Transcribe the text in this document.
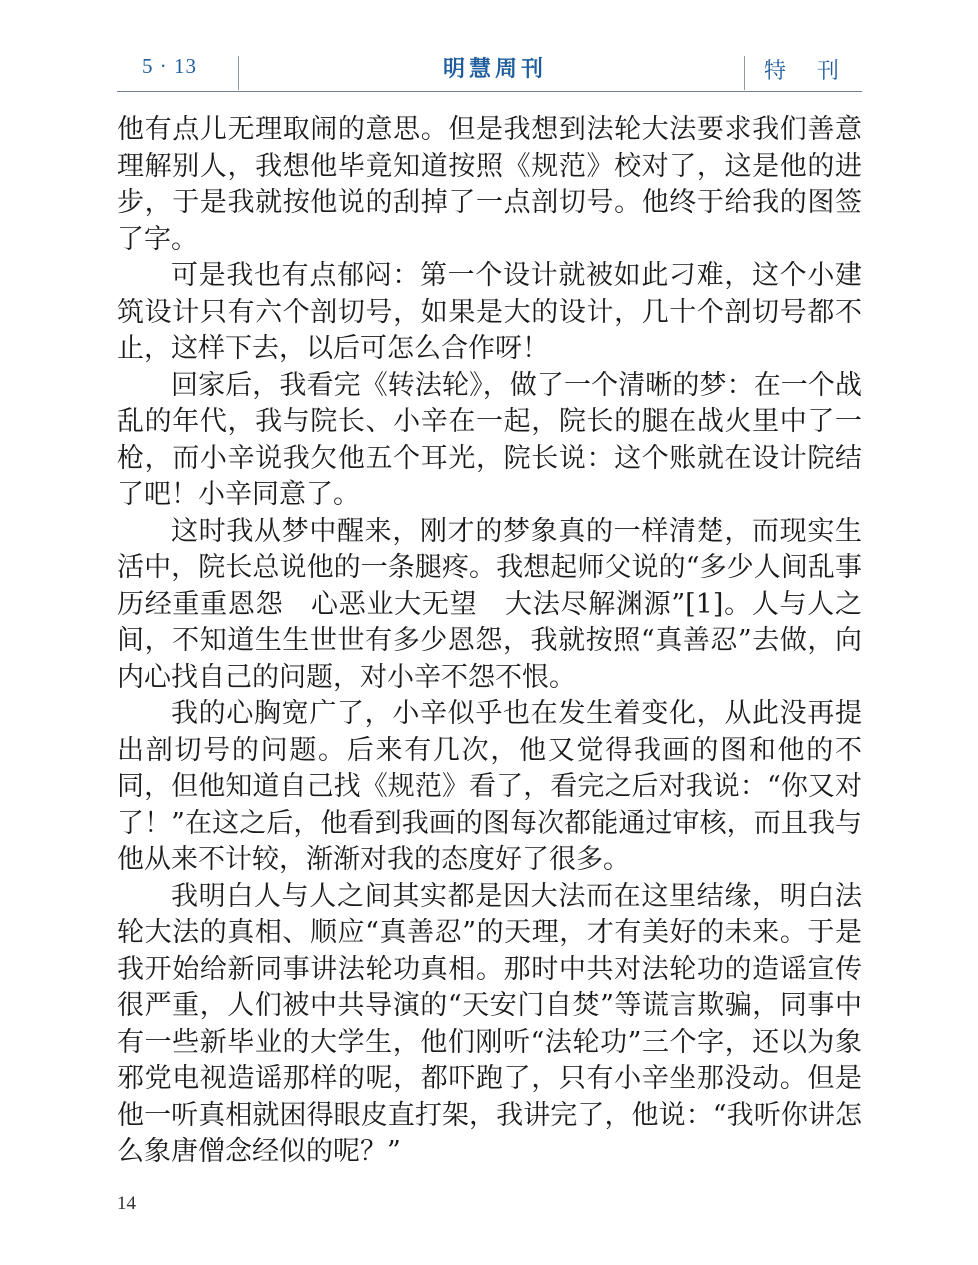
5 · 13	明慧周刊	特 刊

他有点儿无理取闹的意思。但是我想到法轮大法要求我们善意理解别人，我想他毕竟知道按照《规范》校对了，这是他的进步，于是我就按他说的刮掉了一点剖切号。他终于给我的图签了字。

可是我也有点郁闷：第一个设计就被如此刁难，这个小建筑设计只有六个剖切号，如果是大的设计，几十个剖切号都不止，这样下去，以后可怎么合作呀！

回家后，我看完《转法轮》，做了一个清晰的梦：在一个战乱的年代，我与院长、小辛在一起，院长的腿在战火里中了一枪，而小辛说我欠他五个耳光，院长说：这个账就在设计院结了吧！小辛同意了。

这时我从梦中醒来，刚才的梦象真的一样清楚，而现实生活中，院长总说他的一条腿疼。我想起师父说的“多少人间乱事　历经重重恩怨　心恶业大无望　大法尽解渊源”[1]。人与人之间，不知道生生世世有多少恩怨，我就按照“真善忍”去做，向内心找自己的问题，对小辛不怨不恨。

我的心胸宽广了，小辛似乎也在发生着变化，从此没再提出剖切号的问题。后来有几次，他又觉得我画的图和他的不同，但他知道自己找《规范》看了，看完之后对我说：“你又对了！”在这之后，他看到我画的图每次都能通过审核，而且我与他从来不计较，渐渐对我的态度好了很多。

我明白人与人之间其实都是因大法而在这里结缘，明白法轮大法的真相、顺应“真善忍”的天理，才有美好的未来。于是我开始给新同事讲法轮功真相。那时中共对法轮功的造谣宣传很严重，人们被中共导演的“天安门自焚”等谎言欺骗，同事中有一些新毕业的大学生，他们刚听“法轮功”三个字，还以为象邪党电视造谣那样的呢，都吓跑了，只有小辛坐那没动。但是他一听真相就困得眼皮直打架，我讲完了，他说：“我听你讲怎么象唐僧念经似的呢？”

14
